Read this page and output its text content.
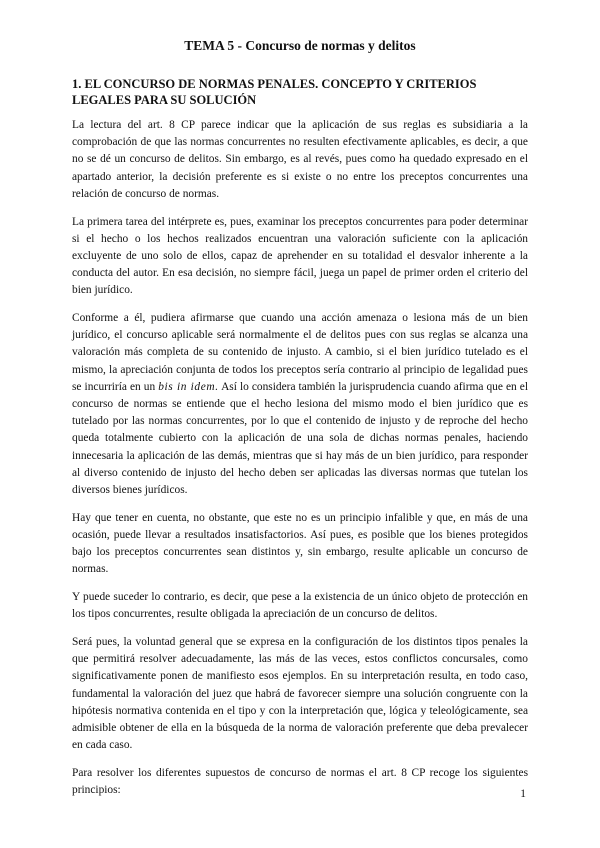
TEMA 5 - Concurso de normas y delitos
1. EL CONCURSO DE NORMAS PENALES. CONCEPTO Y CRITERIOS LEGALES PARA SU SOLUCIÓN

La lectura del art. 8 CP parece indicar que la aplicación de sus reglas es subsidiaria a la comprobación de que las normas concurrentes no resulten efectivamente aplicables, es decir, a que no se dé un concurso de delitos. Sin embargo, es al revés, pues como ha quedado expresado en el apartado anterior, la decisión preferente es si existe o no entre los preceptos concurrentes una relación de concurso de normas.

La primera tarea del intérprete es, pues, examinar los preceptos concurrentes para poder determinar si el hecho o los hechos realizados encuentran una valoración suficiente con la aplicación excluyente de uno solo de ellos, capaz de aprehender en su totalidad el desvalor inherente a la conducta del autor. En esa decisión, no siempre fácil, juega un papel de primer orden el criterio del bien jurídico.

Conforme a él, pudiera afirmarse que cuando una acción amenaza o lesiona más de un bien jurídico, el concurso aplicable será normalmente el de delitos pues con sus reglas se alcanza una valoración más completa de su contenido de injusto. A cambio, si el bien jurídico tutelado es el mismo, la apreciación conjunta de todos los preceptos sería contrario al principio de legalidad pues se incurriría en un bis in idem. Así lo considera también la jurisprudencia cuando afirma que en el concurso de normas se entiende que el hecho lesiona del mismo modo el bien jurídico que es tutelado por las normas concurrentes, por lo que el contenido de injusto y de reproche del hecho queda totalmente cubierto con la aplicación de una sola de dichas normas penales, haciendo innecesaria la aplicación de las demás, mientras que si hay más de un bien jurídico, para responder al diverso contenido de injusto del hecho deben ser aplicadas las diversas normas que tutelan los diversos bienes jurídicos.

Hay que tener en cuenta, no obstante, que este no es un principio infalible y que, en más de una ocasión, puede llevar a resultados insatisfactorios. Así pues, es posible que los bienes protegidos bajo los preceptos concurrentes sean distintos y, sin embargo, resulte aplicable un concurso de normas.

Y puede suceder lo contrario, es decir, que pese a la existencia de un único objeto de protección en los tipos concurrentes, resulte obligada la apreciación de un concurso de delitos.

Será pues, la voluntad general que se expresa en la configuración de los distintos tipos penales la que permitirá resolver adecuadamente, las más de las veces, estos conflictos concursales, como significativamente ponen de manifiesto esos ejemplos. En su interpretación resulta, en todo caso, fundamental la valoración del juez que habrá de favorecer siempre una solución congruente con la hipótesis normativa contenida en el tipo y con la interpretación que, lógica y teleológicamente, sea admisible obtener de ella en la búsqueda de la norma de valoración preferente que deba prevalecer en cada caso.

Para resolver los diferentes supuestos de concurso de normas el art. 8 CP recoge los siguientes principios:	1
